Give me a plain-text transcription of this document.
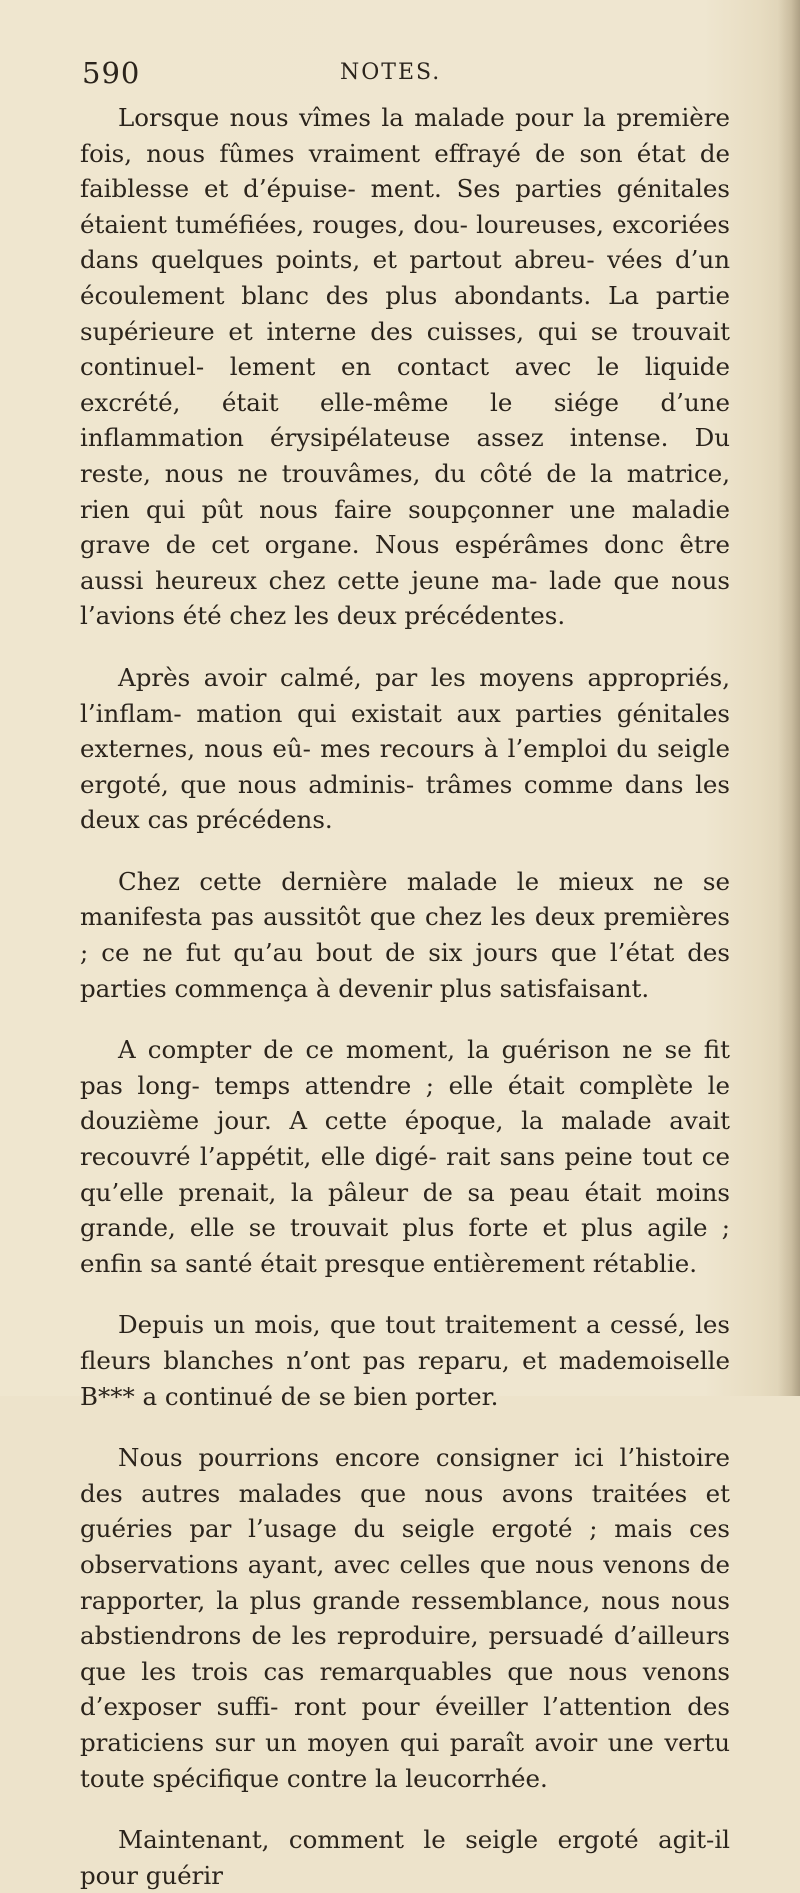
590	NOTES.

Lorsque nous vîmes la malade pour la première fois, nous fûmes vraiment effrayé de son état de faiblesse et d’épuise- ment. Ses parties génitales étaient tuméfiées, rouges, dou- loureuses, excoriées dans quelques points, et partout abreu- vées d’un écoulement blanc des plus abondants. La partie supérieure et interne des cuisses, qui se trouvait continuel- lement en contact avec le liquide excrété, était elle-même le siége d’une inflammation érysipélateuse assez intense. Du reste, nous ne trouvâmes, du côté de la matrice, rien qui pût nous faire soupçonner une maladie grave de cet organe. Nous espérâmes donc être aussi heureux chez cette jeune ma- lade que nous l’avions été chez les deux précédentes.

Après avoir calmé, par les moyens appropriés, l’inflam- mation qui existait aux parties génitales externes, nous eû- mes recours à l’emploi du seigle ergoté, que nous adminis- trâmes comme dans les deux cas précédens.

Chez cette dernière malade le mieux ne se manifesta pas aussitôt que chez les deux premières ; ce ne fut qu’au bout de six jours que l’état des parties commença à devenir plus satisfaisant.

A compter de ce moment, la guérison ne se fit pas long- temps attendre ; elle était complète le douzième jour. A cette époque, la malade avait recouvré l’appétit, elle digé- rait sans peine tout ce qu’elle prenait, la pâleur de sa peau était moins grande, elle se trouvait plus forte et plus agile ; enfin sa santé était presque entièrement rétablie.

Depuis un mois, que tout traitement a cessé, les fleurs blanches n’ont pas reparu, et mademoiselle B*** a continué de se bien porter.

Nous pourrions encore consigner ici l’histoire des autres malades que nous avons traitées et guéries par l’usage du seigle ergoté ; mais ces observations ayant, avec celles que nous venons de rapporter, la plus grande ressemblance, nous nous abstiendrons de les reproduire, persuadé d’ailleurs que les trois cas remarquables que nous venons d’exposer suffi- ront pour éveiller l’attention des praticiens sur un moyen qui paraît avoir une vertu toute spécifique contre la leucorrhée.

Maintenant, comment le seigle ergoté agit-il pour guérir
